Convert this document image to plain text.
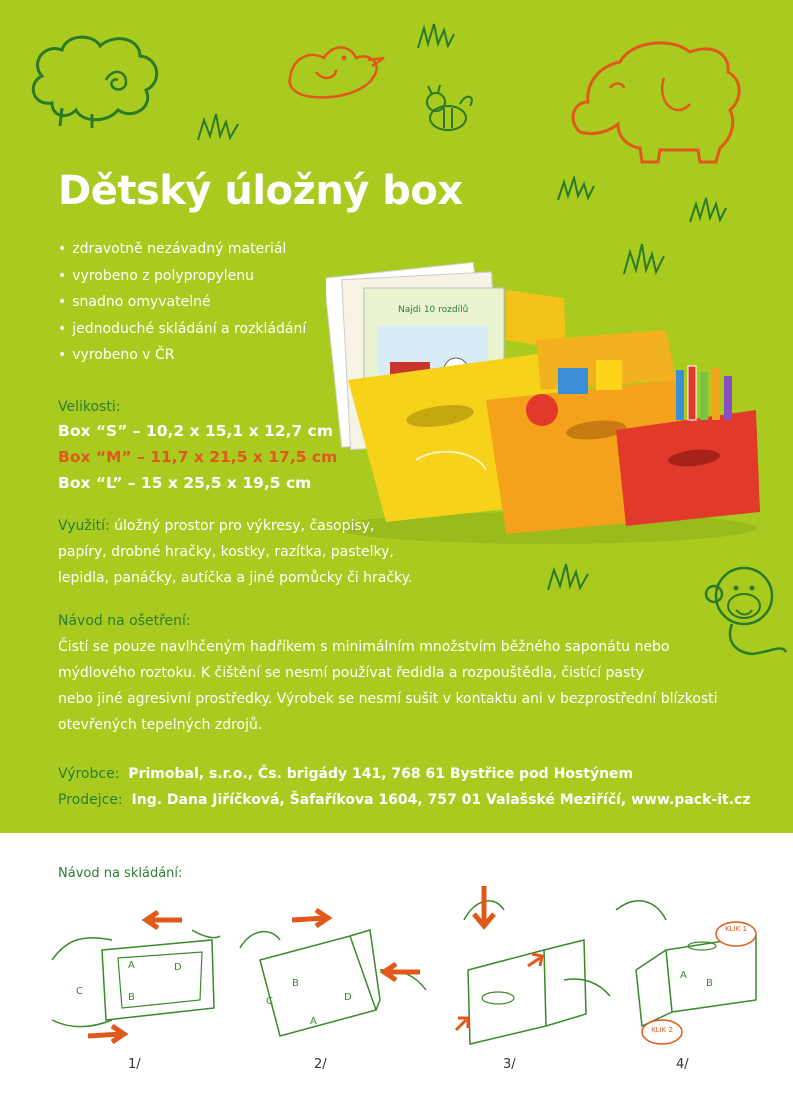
Dětský úložný box
• zdravotně nezávadný materiál
• vyrobeno z polypropylenu
• snadno omyvatelné
• jednoduché skládání a rozkládání
• vyrobeno v ČR
Najdi 10 rozdílů
Velikosti:
Box “S” – 10,2 x 15,1 x 12,7 cm
Box “M” – 11,7 x 21,5 x 17,5 cm
Box “L” – 15 x 25,5 x 19,5 cm
Využití: úložný prostor pro výkresy, časopisy,
papíry, drobné hračky, kostky, razítka, pastelky,
lepidla, panáčky, autíčka a jiné pomůcky či hračky.
Návod na ošetření:
Čistí se pouze navlhčeným hadříkem s minimálním množstvím běžného saponátu nebo
mýdlového roztoku. K čištění se nesmí používat ředidla a rozpouštědla, čistící pasty
nebo jiné agresivní prostředky. Výrobek se nesmí sušit v kontaktu ani v bezprostřední blízkosti
otevřených tepelných zdrojů.
Výrobce: Primobal, s.r.o., Čs. brigády 141, 768 61 Bystřice pod Hostýnem
Prodejce: Ing. Dana Jiříčková, Šafaříkova 1604, 757 01 Valašské Meziříčí, www.pack-it.cz
Návod na skládání:
A
B
C
D
1/
B
C	D
A
2/	3/
A
B
KLIK 1
KLIK 2
4/
